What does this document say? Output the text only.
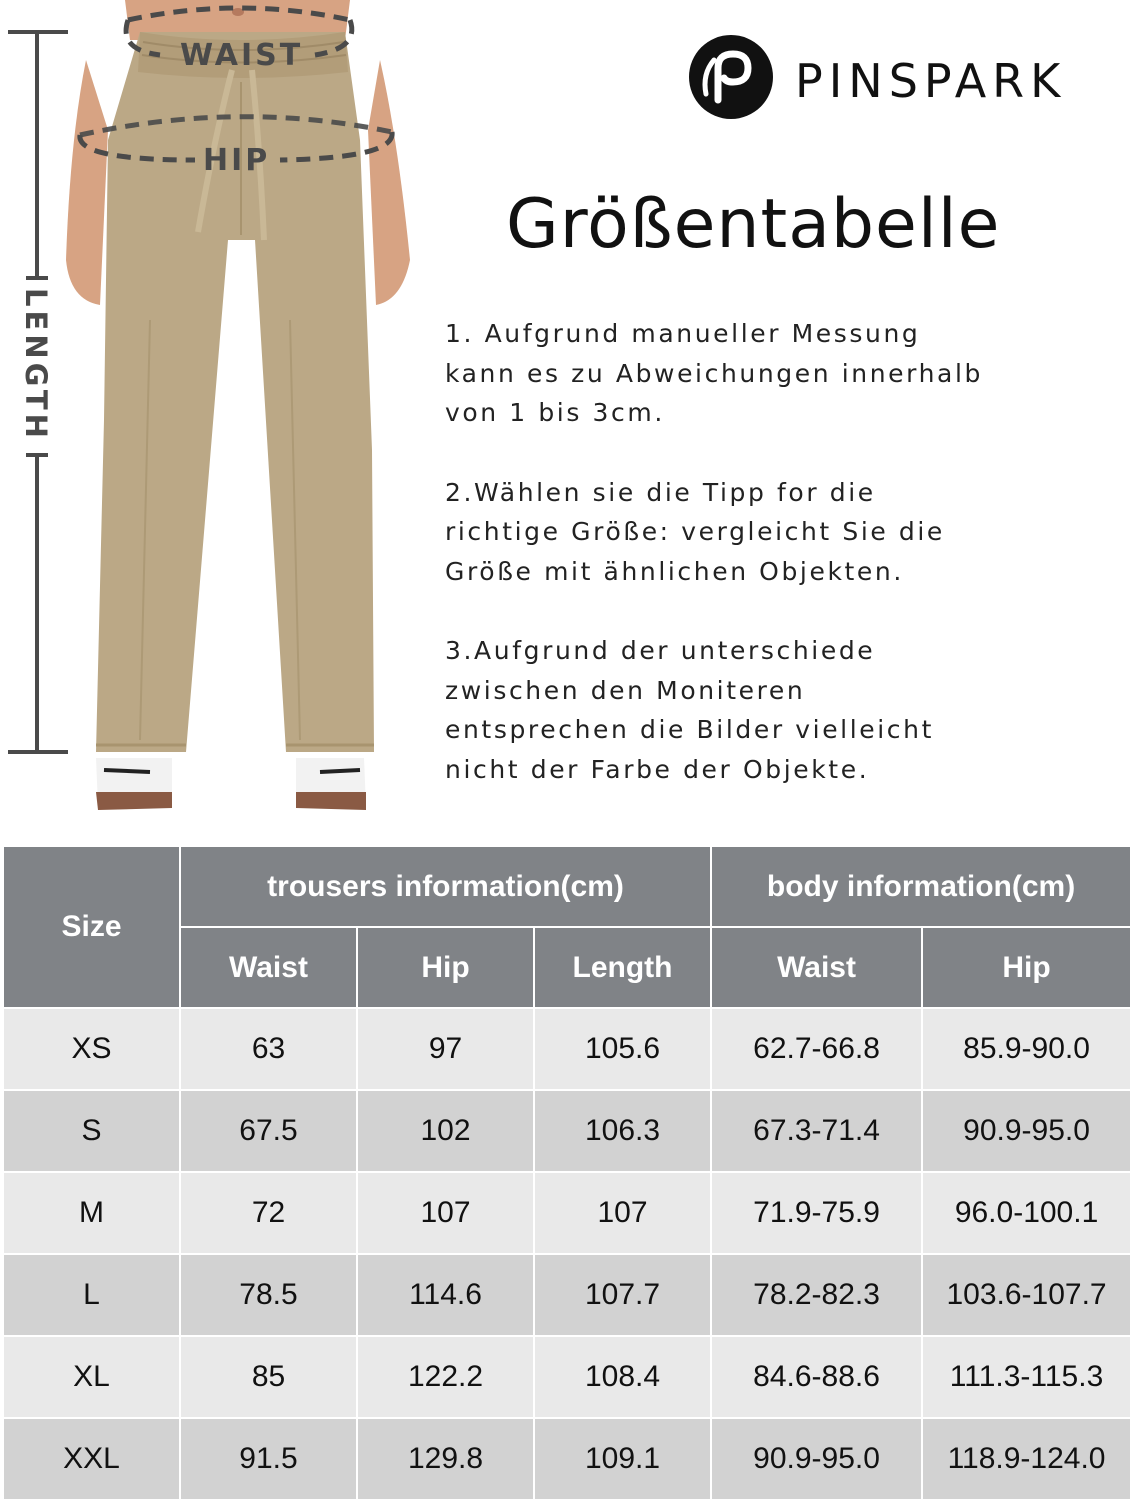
WAIST
HIP
LENGTH
PINSPARK
Größentabelle

1. Aufgrund manueller Messung
kann es zu Abweichungen innerhalb
von 1 bis 3cm.

2.Wählen sie die Tipp for die
richtige Größe: vergleicht Sie die
Größe mit ähnlichen Objekten.

3.Aufgrund der unterschiede
zwischen den Moniteren
entsprechen die Bilder vielleicht
nicht der Farbe der Objekte.

Size	trousers information(cm)			body information(cm)	
	Waist	Hip	Length	Waist	Hip
XS	63	97	105.6	62.7-66.8	85.9-90.0
S	67.5	102	106.3	67.3-71.4	90.9-95.0
M	72	107	107	71.9-75.9	96.0-100.1
L	78.5	114.6	107.7	78.2-82.3	103.6-107.7
XL	85	122.2	108.4	84.6-88.6	111.3-115.3
XXL	91.5	129.8	109.1	90.9-95.0	118.9-124.0
